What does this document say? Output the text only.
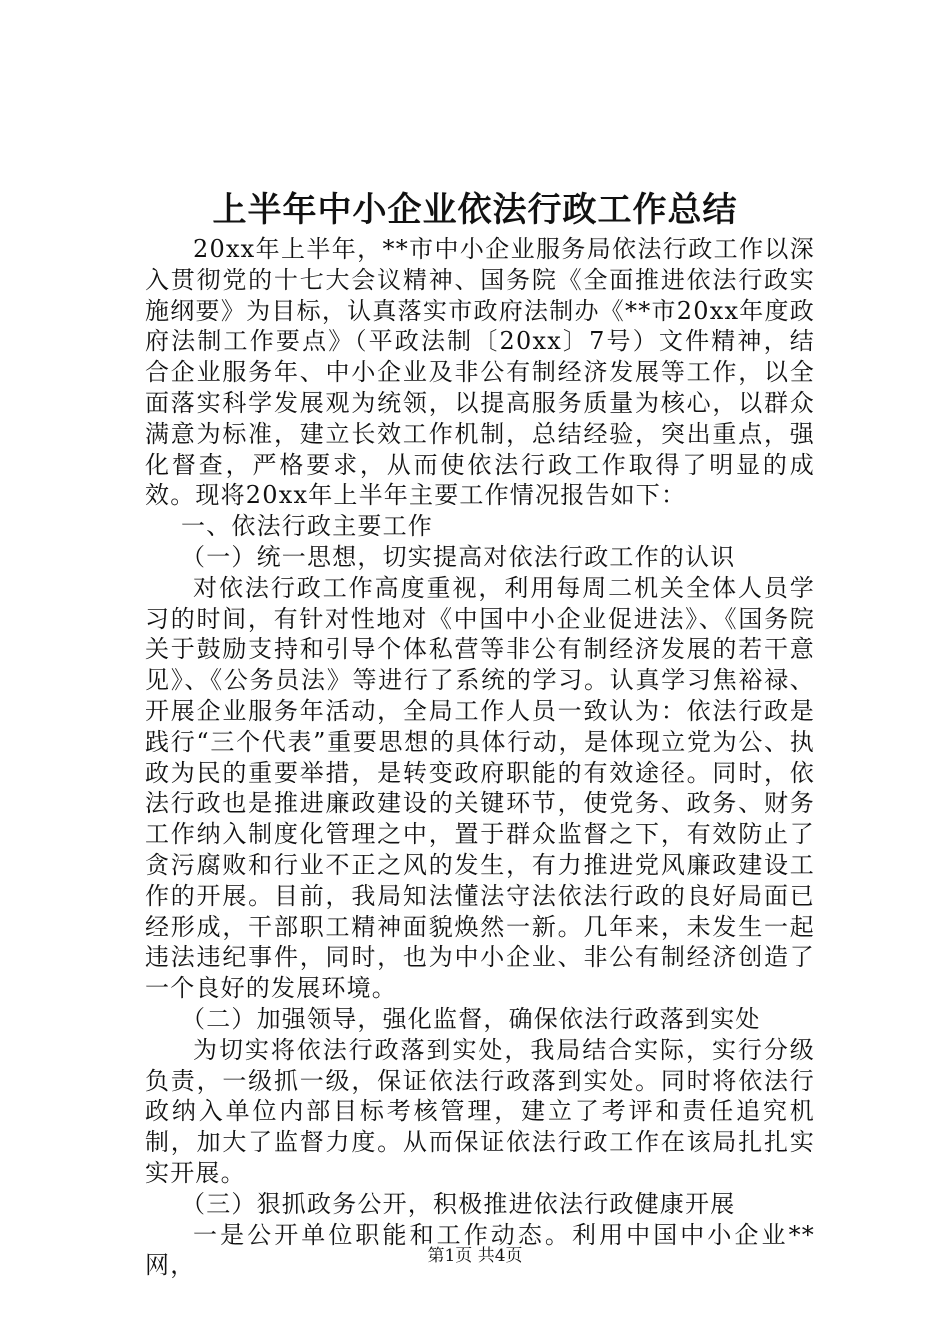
上半年中小企业依法行政工作总结

20xx年上半年，**市中小企业服务局依法行政工作以深入贯彻党的十七大会议精神、国务院《全面推进依法行政实施纲要》为目标，认真落实市政府法制办《**市20xx年度政府法制工作要点》（平政法制〔20xx〕7号）文件精神，结合企业服务年、中小企业及非公有制经济发展等工作，以全面落实科学发展观为统领，以提高服务质量为核心，以群众满意为标准，建立长效工作机制，总结经验，突出重点，强化督查，严格要求，从而使依法行政工作取得了明显的成效。现将20xx年上半年主要工作情况报告如下：

一、依法行政主要工作

（一）统一思想，切实提高对依法行政工作的认识

对依法行政工作高度重视，利用每周二机关全体人员学习的时间，有针对性地对《中国中小企业促进法》、《国务院关于鼓励支持和引导个体私营等非公有制经济发展的若干意见》、《公务员法》等进行了系统的学习。认真学习焦裕禄、开展企业服务年活动，全局工作人员一致认为：依法行政是践行“三个代表”重要思想的具体行动，是体现立党为公、执政为民的重要举措，是转变政府职能的有效途径。同时，依法行政也是推进廉政建设的关键环节，使党务、政务、财务工作纳入制度化管理之中，置于群众监督之下，有效防止了贪污腐败和行业不正之风的发生，有力推进党风廉政建设工作的开展。目前，我局知法懂法守法依法行政的良好局面已经形成，干部职工精神面貌焕然一新。几年来，未发生一起违法违纪事件，同时，也为中小企业、非公有制经济创造了一个良好的发展环境。

（二）加强领导，强化监督，确保依法行政落到实处

为切实将依法行政落到实处，我局结合实际，实行分级负责，一级抓一级，保证依法行政落到实处。同时将依法行政纳入单位内部目标考核管理，建立了考评和责任追究机制，加大了监督力度。从而保证依法行政工作在该局扎扎实实开展。

（三）狠抓政务公开，积极推进依法行政健康开展

一是公开单位职能和工作动态。利用中国中小企业**网，	第1页 共4页
